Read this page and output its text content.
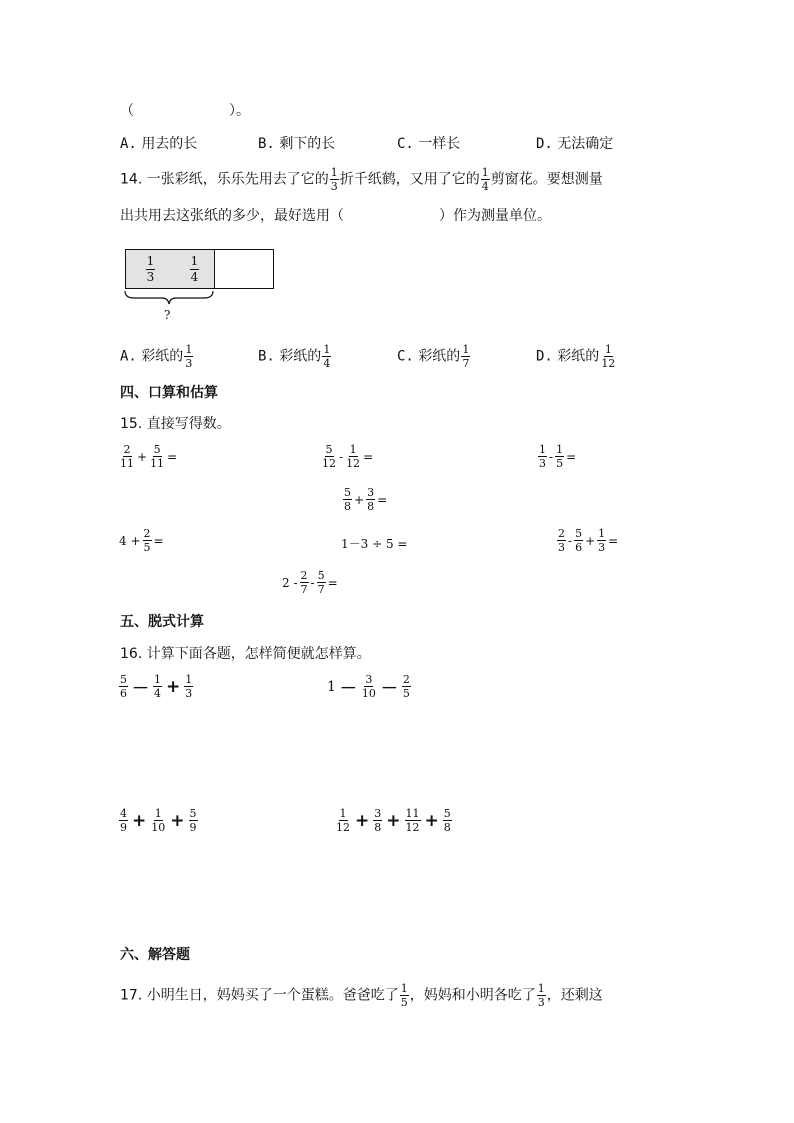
（	）。
A. 用去的长	B. 剩下的长	C. 一样长	D. 无法确定
14. 一张彩纸，乐乐先用去了它的 $\frac{1}{3}$ 折千纸鹤，又用了它的 $\frac{1}{4}$ 剪窗花。要想测量
出共用去这张纸的多少，最好选用（	）作为测量单位。
$\frac{1}{3}$	$\frac{1}{4}$
?
A. 彩纸的 $\frac{1}{3}$	B. 彩纸的 $\frac{1}{4}$	C. 彩纸的 $\frac{1}{7}$	D. 彩纸的 $\frac{1}{12}$
四、口算和估算
15. 直接写得数。
$\frac{2}{11} + \frac{5}{11}$ =	$\frac{5}{12} - \frac{1}{12}$ =	$\frac{1}{3} - \frac{1}{5}$ =
$\frac{5}{8} + \frac{3}{8}$ =
$4 + \frac{2}{5}$ =	1－3 ÷ 5 =	$\frac{2}{3} - \frac{5}{6} + \frac{1}{3}$ =
$2 - \frac{2}{7} - \frac{5}{7}$ =
五、脱式计算
16. 计算下面各题，怎样简便就怎样算。
$\frac{5}{6} - \frac{1}{4} + \frac{1}{3}$	$1 - \frac{3}{10} - \frac{2}{5}$
$\frac{4}{9} + \frac{1}{10} + \frac{5}{9}$	$\frac{1}{12} + \frac{3}{8} + \frac{11}{12} + \frac{5}{8}$
六、解答题
17. 小明生日，妈妈买了一个蛋糕。爸爸吃了 $\frac{1}{5}$ ，妈妈和小明各吃了 $\frac{1}{3}$ ，还剩这
